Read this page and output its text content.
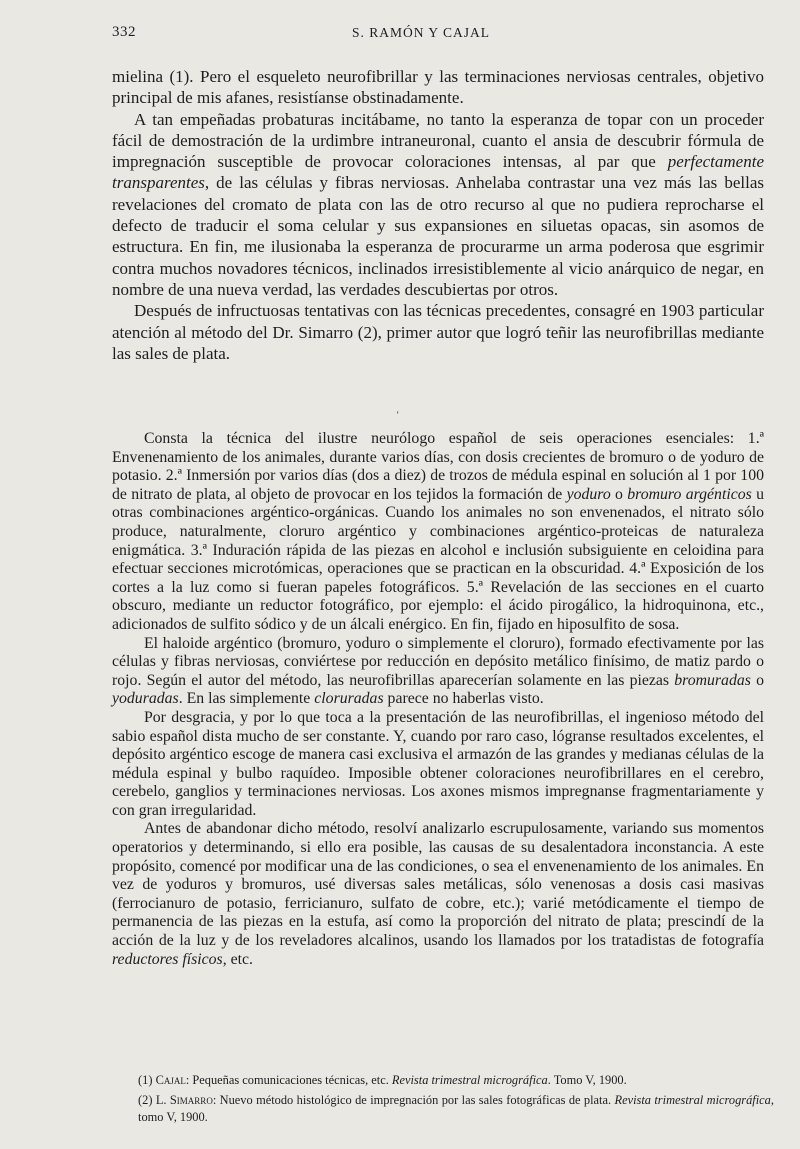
332	S. RAMÓN Y CAJAL

mielina (1). Pero el esqueleto neurofibrillar y las terminaciones nerviosas centrales, objetivo principal de mis afanes, resistíanse obstinadamente.

A tan empeñadas probaturas incitábame, no tanto la esperanza de topar con un proceder fácil de demostración de la urdimbre intraneuronal, cuanto el ansia de descubrir fórmula de impregnación susceptible de provocar coloraciones intensas, al par que perfectamente transparentes, de las células y fibras nerviosas. Anhelaba contrastar una vez más las bellas revelaciones del cromato de plata con las de otro recurso al que no pudiera reprocharse el defecto de traducir el soma celular y sus expansiones en siluetas opacas, sin asomos de estructura. En fin, me ilusionaba la esperanza de procurarme un arma poderosa que esgrimir contra muchos novadores técnicos, inclinados irresistiblemente al vicio anárquico de negar, en nombre de una nueva verdad, las verdades descubiertas por otros.

Después de infructuosas tentativas con las técnicas precedentes, consagré en 1903 particular atención al método del Dr. Simarro (2), primer autor que logró teñir las neurofibrillas mediante las sales de plata.

‘

Consta la técnica del ilustre neurólogo español de seis operaciones esenciales: 1.ª Envenenamiento de los animales, durante varios días, con dosis crecientes de bromuro o de yoduro de potasio. 2.ª Inmersión por varios días (dos a diez) de trozos de médula espinal en solución al 1 por 100 de nitrato de plata, al objeto de provocar en los tejidos la formación de yoduro o bromuro argénticos u otras combinaciones argéntico-orgánicas. Cuando los animales no son envenenados, el nitrato sólo produce, naturalmente, cloruro argéntico y combinaciones argéntico-proteicas de naturaleza enigmática. 3.ª Induración rápida de las piezas en alcohol e inclusión subsiguiente en celoidina para efectuar secciones microtómicas, operaciones que se practican en la obscuridad. 4.ª Exposición de los cortes a la luz como si fueran papeles fotográficos. 5.ª Revelación de las secciones en el cuarto obscuro, mediante un reductor fotográfico, por ejemplo: el ácido pirogálico, la hidroquinona, etc., adicionados de sulfito sódico y de un álcali enérgico. En fin, fijado en hiposulfito de sosa.

El haloide argéntico (bromuro, yoduro o simplemente el cloruro), formado efectivamente por las células y fibras nerviosas, conviértese por reducción en depósito metálico finísimo, de matiz pardo o rojo. Según el autor del método, las neurofibrillas aparecerían solamente en las piezas bromuradas o yoduradas. En las simplemente cloruradas parece no haberlas visto.

Por desgracia, y por lo que toca a la presentación de las neurofibrillas, el ingenioso método del sabio español dista mucho de ser constante. Y, cuando por raro caso, lógranse resultados excelentes, el depósito argéntico escoge de manera casi exclusiva el armazón de las grandes y medianas células de la médula espinal y bulbo raquídeo. Imposible obtener coloraciones neurofibrillares en el cerebro, cerebelo, ganglios y terminaciones nerviosas. Los axones mismos impregnanse fragmentariamente y con gran irregularidad.

Antes de abandonar dicho método, resolví analizarlo escrupulosamente, variando sus momentos operatorios y determinando, si ello era posible, las causas de su desalentadora inconstancia. A este propósito, comencé por modificar una de las condiciones, o sea el envenenamiento de los animales. En vez de yoduros y bromuros, usé diversas sales metálicas, sólo venenosas a dosis casi masivas (ferrocianuro de potasio, ferricianuro, sulfato de cobre, etc.); varié metódicamente el tiempo de permanencia de las piezas en la estufa, así como la proporción del nitrato de plata; prescindí de la acción de la luz y de los reveladores alcalinos, usando los llamados por los tratadistas de fotografía reductores físicos, etc.

(1) Cajal: Pequeñas comunicaciones técnicas, etc. Revista trimestral micrográfica. Tomo V, 1900.

(2) L. Simarro: Nuevo método histológico de impregnación por las sales fotográficas de plata. Revista trimestral micrográfica, tomo V, 1900.
